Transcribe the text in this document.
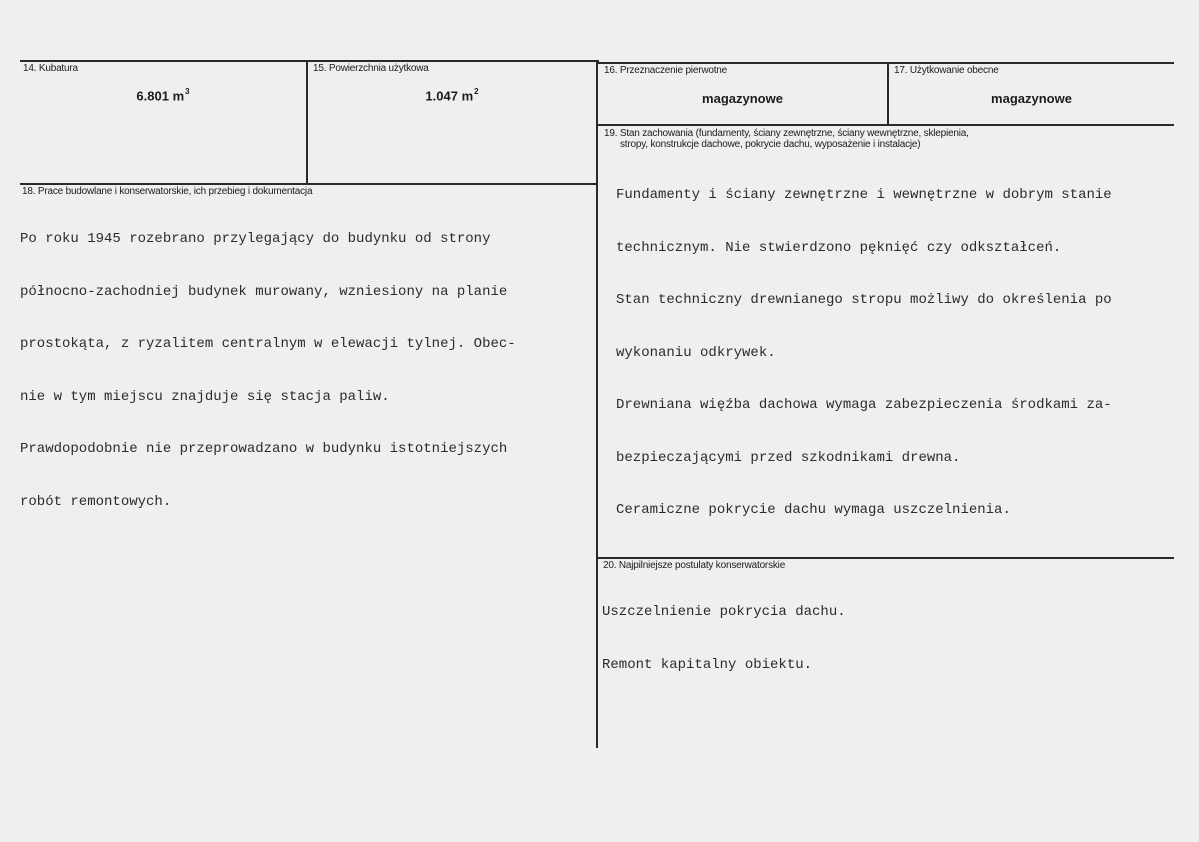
14. Kubatura
6.801 $m^3$
15. Powierzchnia użytkowa
1.047 $m^2$
16. Przeznaczenie pierwotne
magazynowe
17. Użytkowanie obecne
magazynowe
18. Prace budowlane i konserwatorskie, ich przebieg i dokumentacja

Po roku 1945 rozebrano przylegający do budynku od strony

północno-zachodniej budynek murowany, wzniesiony na planie

prostokąta, z ryzalitem centralnym w elewacji tylnej. Obec-

nie w tym miejscu znajduje się stacja paliw.

Prawdopodobnie nie przeprowadzano w budynku istotniejszych

robót remontowych.

19. Stan zachowania (fundamenty, ściany zewnętrzne, ściany wewnętrzne, sklepienia,
stropy, konstrukcje dachowe, pokrycie dachu, wyposażenie i instalacje)

Fundamenty i ściany zewnętrzne i wewnętrzne w dobrym stanie

technicznym. Nie stwierdzono pęknięć czy odkształceń.

Stan techniczny drewnianego stropu możliwy do określenia po

wykonaniu odkrywek.

Drewniana więźba dachowa wymaga zabezpieczenia środkami za-

bezpieczającymi przed szkodnikami drewna.

Ceramiczne pokrycie dachu wymaga uszczelnienia.

20. Najpilniejsze postulaty konserwatorskie

Uszczelnienie pokrycia dachu.

Remont kapitalny obiektu.
